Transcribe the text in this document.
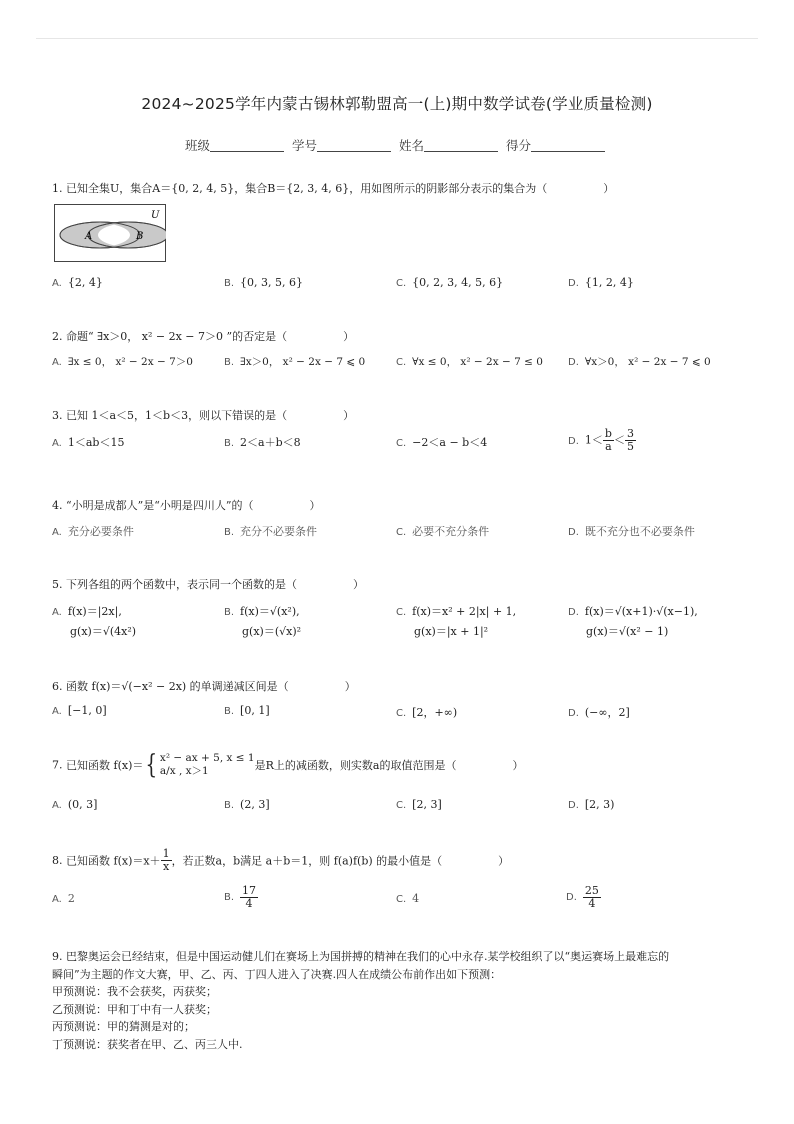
2024~2025学年内蒙古锡林郭勒盟高一(上)期中数学试卷(学业质量检测)
班级	学号	姓名	得分
1. 已知全集U，集合A＝{0, 2, 4, 5}，集合B＝{2, 3, 4, 6}，用如图所示的阴影部分表示的集合为（	）
U
A	B
A. {2, 4}	B. {0, 3, 5, 6}	C. {0, 2, 3, 4, 5, 6}	D. {1, 2, 4}
2. 命题“ ∃x＞0， x² − 2x − 7＞0 ”的否定是（	）
A. ∃x ≤ 0， x² − 2x − 7＞0	B. ∃x＞0， x² − 2x − 7 ⩽ 0	C. ∀x ≤ 0， x² − 2x − 7 ≤ 0	D. ∀x＞0， x² − 2x − 7 ⩽ 0
3. 已知 1＜a＜5，1＜b＜3，则以下错误的是（	）
A. 1＜ab＜15	B. 2＜a＋b＜8	C. −2＜a − b＜4	D. $1< \frac{b}{a} < \frac{3}{5}$
4. “小明是成都人”是“小明是四川人”的（	）
A. 充分必要条件	B. 充分不必要条件	C. 必要不充分条件	D. 既不充分也不必要条件
5. 下列各组的两个函数中，表示同一个函数的是（	）
A. f(x)＝|2x|,
g(x)＝√(4x²)
B. f(x)＝√(x²),
g(x)＝(√x)²
C. f(x)＝x² + 2|x| + 1,
g(x)＝|x + 1|²
D. f(x)＝√(x+1)·√(x−1),
g(x)＝√(x² − 1)
6. 函数 f(x)＝√(−x² − 2x) 的单调递减区间是（	）
A. [−1, 0]	B. [0, 1]	C. [2，+∞)	D. (−∞，2]
7. 已知函数 f(x)＝{ x² − ax + 5, x ≤ 1
a/x , x＞1	是R上的减函数，则实数a的取值范围是（	）
A. (0, 3]	B. (2, 3]	C. [2, 3]	D. [2, 3)
8. 已知函数 $f(x)=x+ \frac{1}{x}$ ，若正数a，b满足 a＋b＝1，则 f(a)f(b) 的最小值是（	）
A. 2	B. $\frac{17}{4}$	C. 4	D. $\frac{25}{4}$
9. 巴黎奥运会已经结束，但是中国运动健儿们在赛场上为国拼搏的精神在我们的心中永存.某学校组织了以“奥运赛场上最难忘的
瞬间”为主题的作文大赛，甲、乙、丙、丁四人进入了决赛.四人在成绩公布前作出如下预测：
甲预测说：我不会获奖，丙获奖；
乙预测说：甲和丁中有一人获奖；
丙预测说：甲的猜测是对的；
丁预测说：获奖者在甲、乙、丙三人中.
